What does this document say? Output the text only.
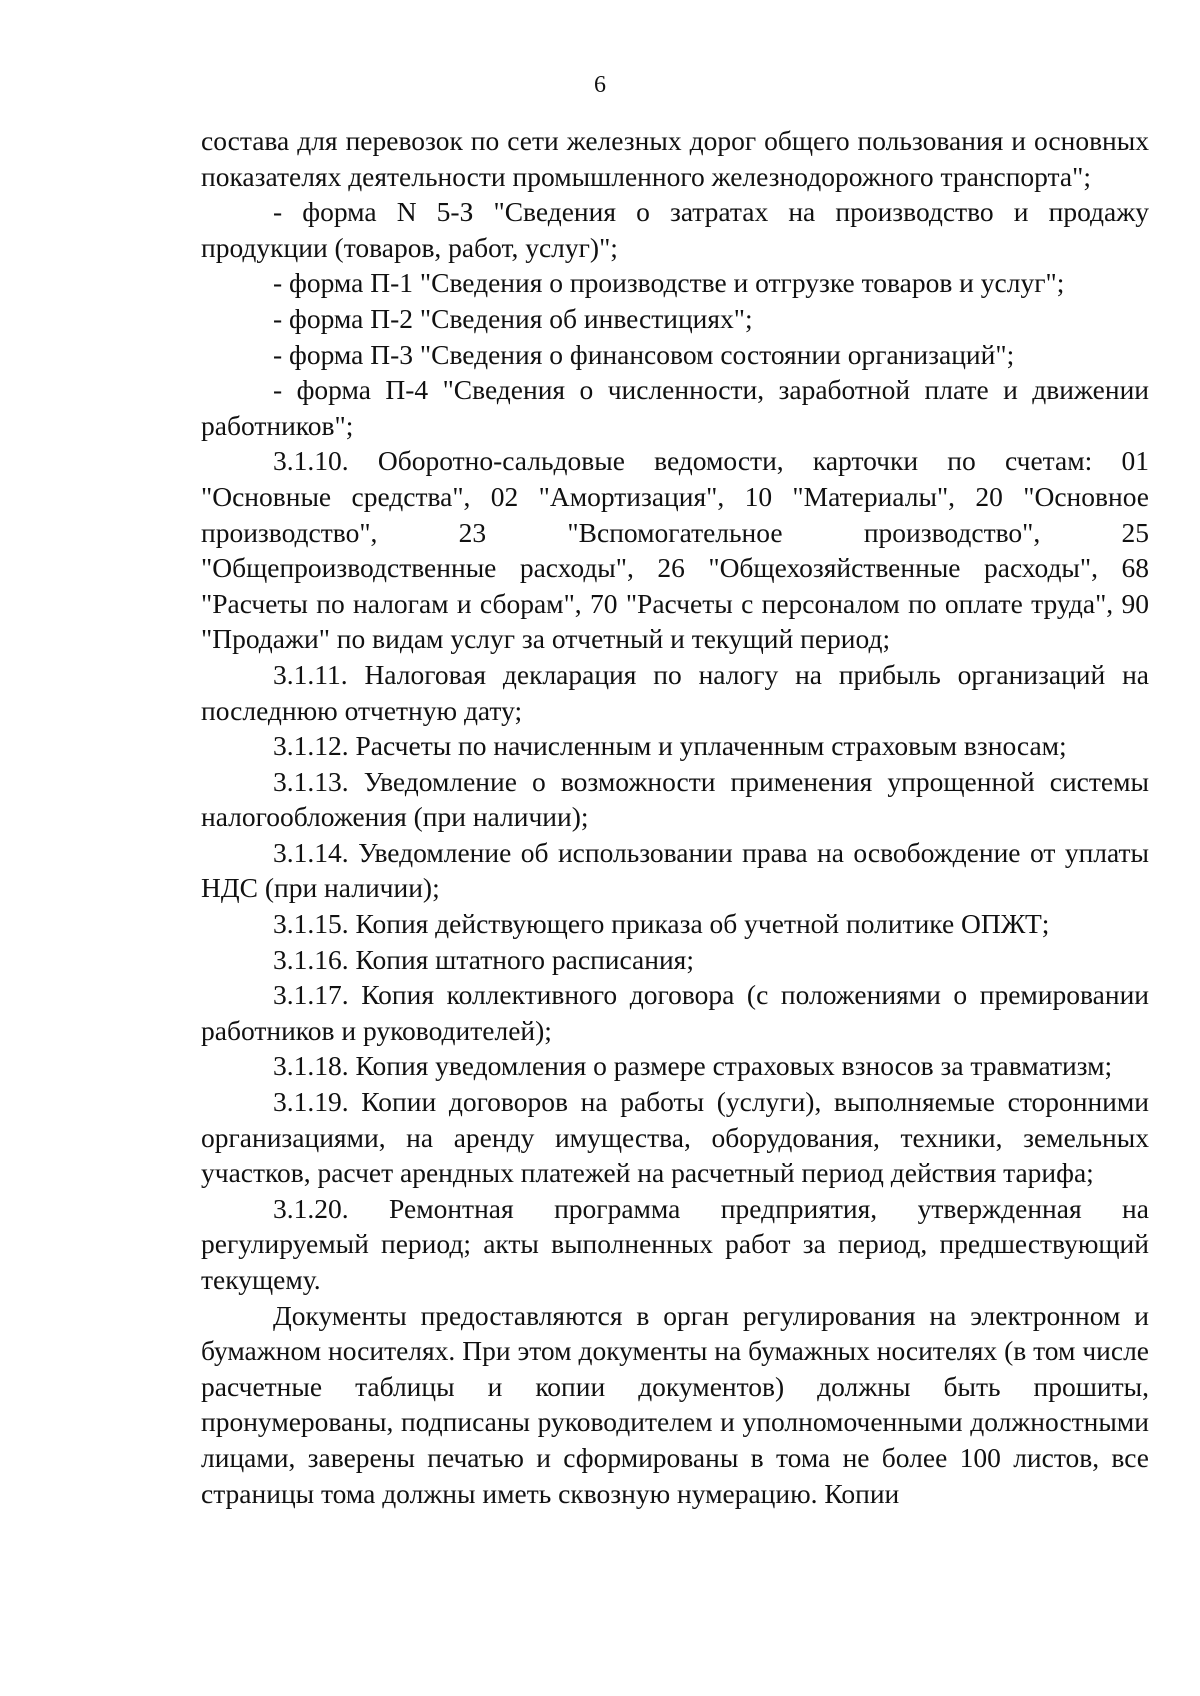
6

состава для перевозок по сети железных дорог общего пользования и основных показателях деятельности промышленного железнодорожного транспорта";

- форма N 5-З "Сведения о затратах на производство и продажу продукции (товаров, работ, услуг)";

- форма П-1 "Сведения о производстве и отгрузке товаров и услуг";

- форма П-2 "Сведения об инвестициях";

- форма П-3 "Сведения о финансовом состоянии организаций";

- форма П-4 "Сведения о численности, заработной плате и движении работников";

3.1.10. Оборотно-сальдовые ведомости, карточки по счетам: 01 "Основные средства", 02 "Амортизация", 10 "Материалы", 20 "Основное производство", 23 "Вспомогательное производство", 25 "Общепроизводственные расходы", 26 "Общехозяйственные расходы", 68 "Расчеты по налогам и сборам", 70 "Расчеты с персоналом по оплате труда", 90 "Продажи" по видам услуг за отчетный и текущий период;

3.1.11. Налоговая декларация по налогу на прибыль организаций на последнюю отчетную дату;

3.1.12. Расчеты по начисленным и уплаченным страховым взносам;

3.1.13. Уведомление о возможности применения упрощенной системы налогообложения (при наличии);

3.1.14. Уведомление об использовании права на освобождение от уплаты НДС (при наличии);

3.1.15. Копия действующего приказа об учетной политике ОПЖТ;

3.1.16. Копия штатного расписания;

3.1.17. Копия коллективного договора (с положениями о премировании работников и руководителей);

3.1.18. Копия уведомления о размере страховых взносов за травматизм;

3.1.19. Копии договоров на работы (услуги), выполняемые сторонними организациями, на аренду имущества, оборудования, техники, земельных участков, расчет арендных платежей на расчетный период действия тарифа;

3.1.20. Ремонтная программа предприятия, утвержденная на регулируемый период; акты выполненных работ за период, предшествующий текущему.

Документы предоставляются в орган регулирования на электронном и бумажном носителях. При этом документы на бумажных носителях (в том числе расчетные таблицы и копии документов) должны быть прошиты, пронумерованы, подписаны руководителем и уполномоченными должностными лицами, заверены печатью и сформированы в тома не более 100 листов, все страницы тома должны иметь сквозную нумерацию. Копии
